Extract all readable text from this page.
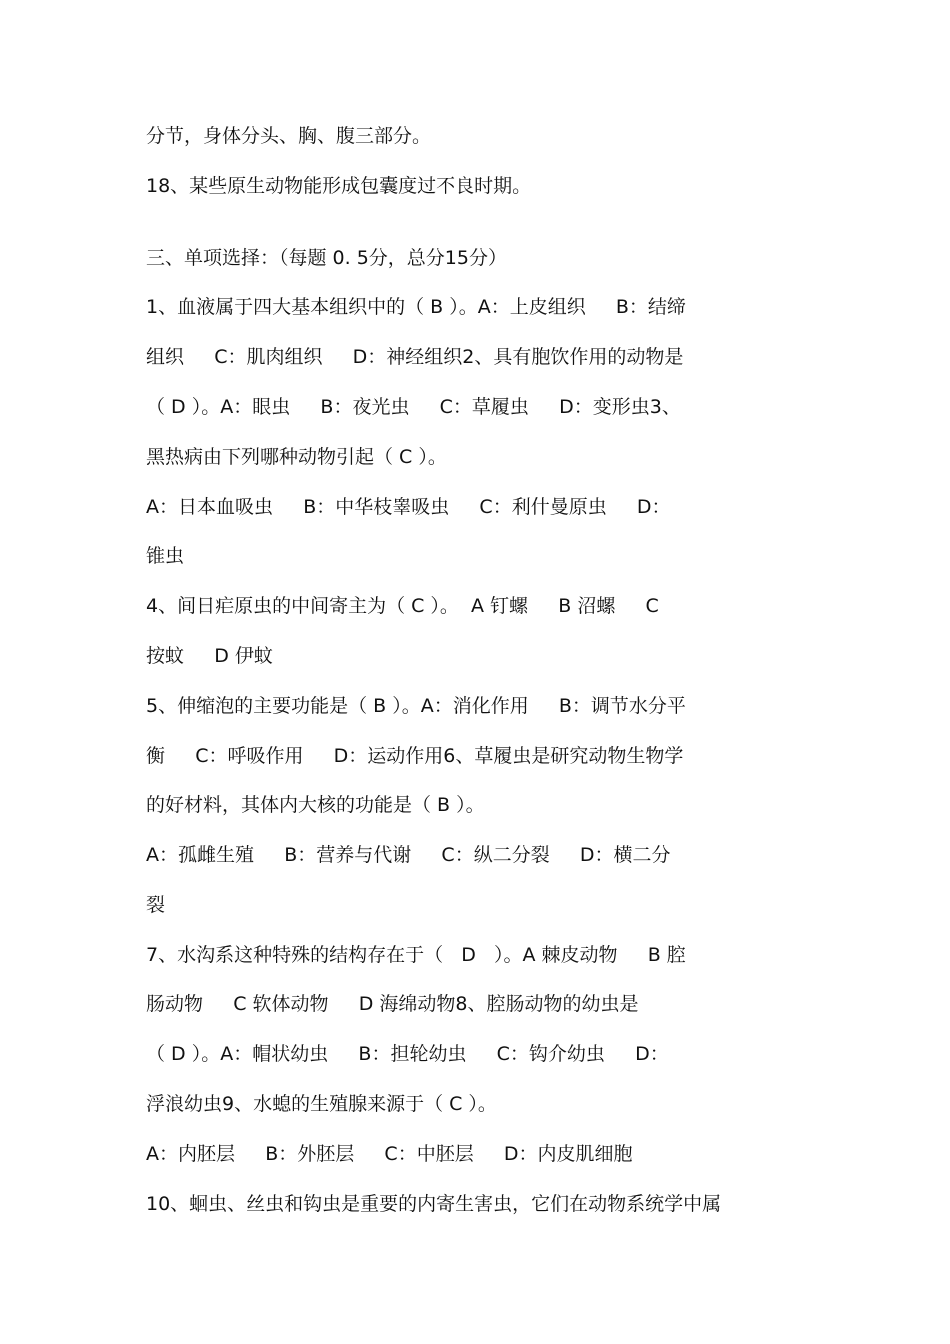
分节，身体分头、胸、腹三部分。
18、某些原生动物能形成包囊度过不良时期。
三、单项选择：（每题 0. 5分，总分15分）
1、血液属于四大基本组织中的（ B ）。A：上皮组织     B：结缔
组织     C：肌肉组织     D：神经组织2、具有胞饮作用的动物是
（ D ）。A：眼虫     B：夜光虫     C：草履虫     D：变形虫3、
黑热病由下列哪种动物引起（ C ）。
A：日本血吸虫     B：中华枝睾吸虫     C：利什曼原虫     D：
锥虫
4、间日疟原虫的中间寄主为（ C ）。  A 钉螺     B 沼螺     C
按蚊     D 伊蚊
5、伸缩泡的主要功能是（ B ）。A：消化作用     B：调节水分平
衡     C：呼吸作用     D：运动作用6、草履虫是研究动物生物学
的好材料，其体内大核的功能是（ B ）。
A：孤雌生殖     B：营养与代谢     C：纵二分裂     D：横二分
裂
7、水沟系这种特殊的结构存在于（   D   ）。A 棘皮动物     B 腔
肠动物     C 软体动物     D 海绵动物8、腔肠动物的幼虫是
（ D ）。A：帽状幼虫     B：担轮幼虫     C：钩介幼虫     D：
浮浪幼虫9、水螅的生殖腺来源于（ C ）。
A：内胚层     B：外胚层     C：中胚层     D：内皮肌细胞
10、蛔虫、丝虫和钩虫是重要的内寄生害虫，它们在动物系统学中属
